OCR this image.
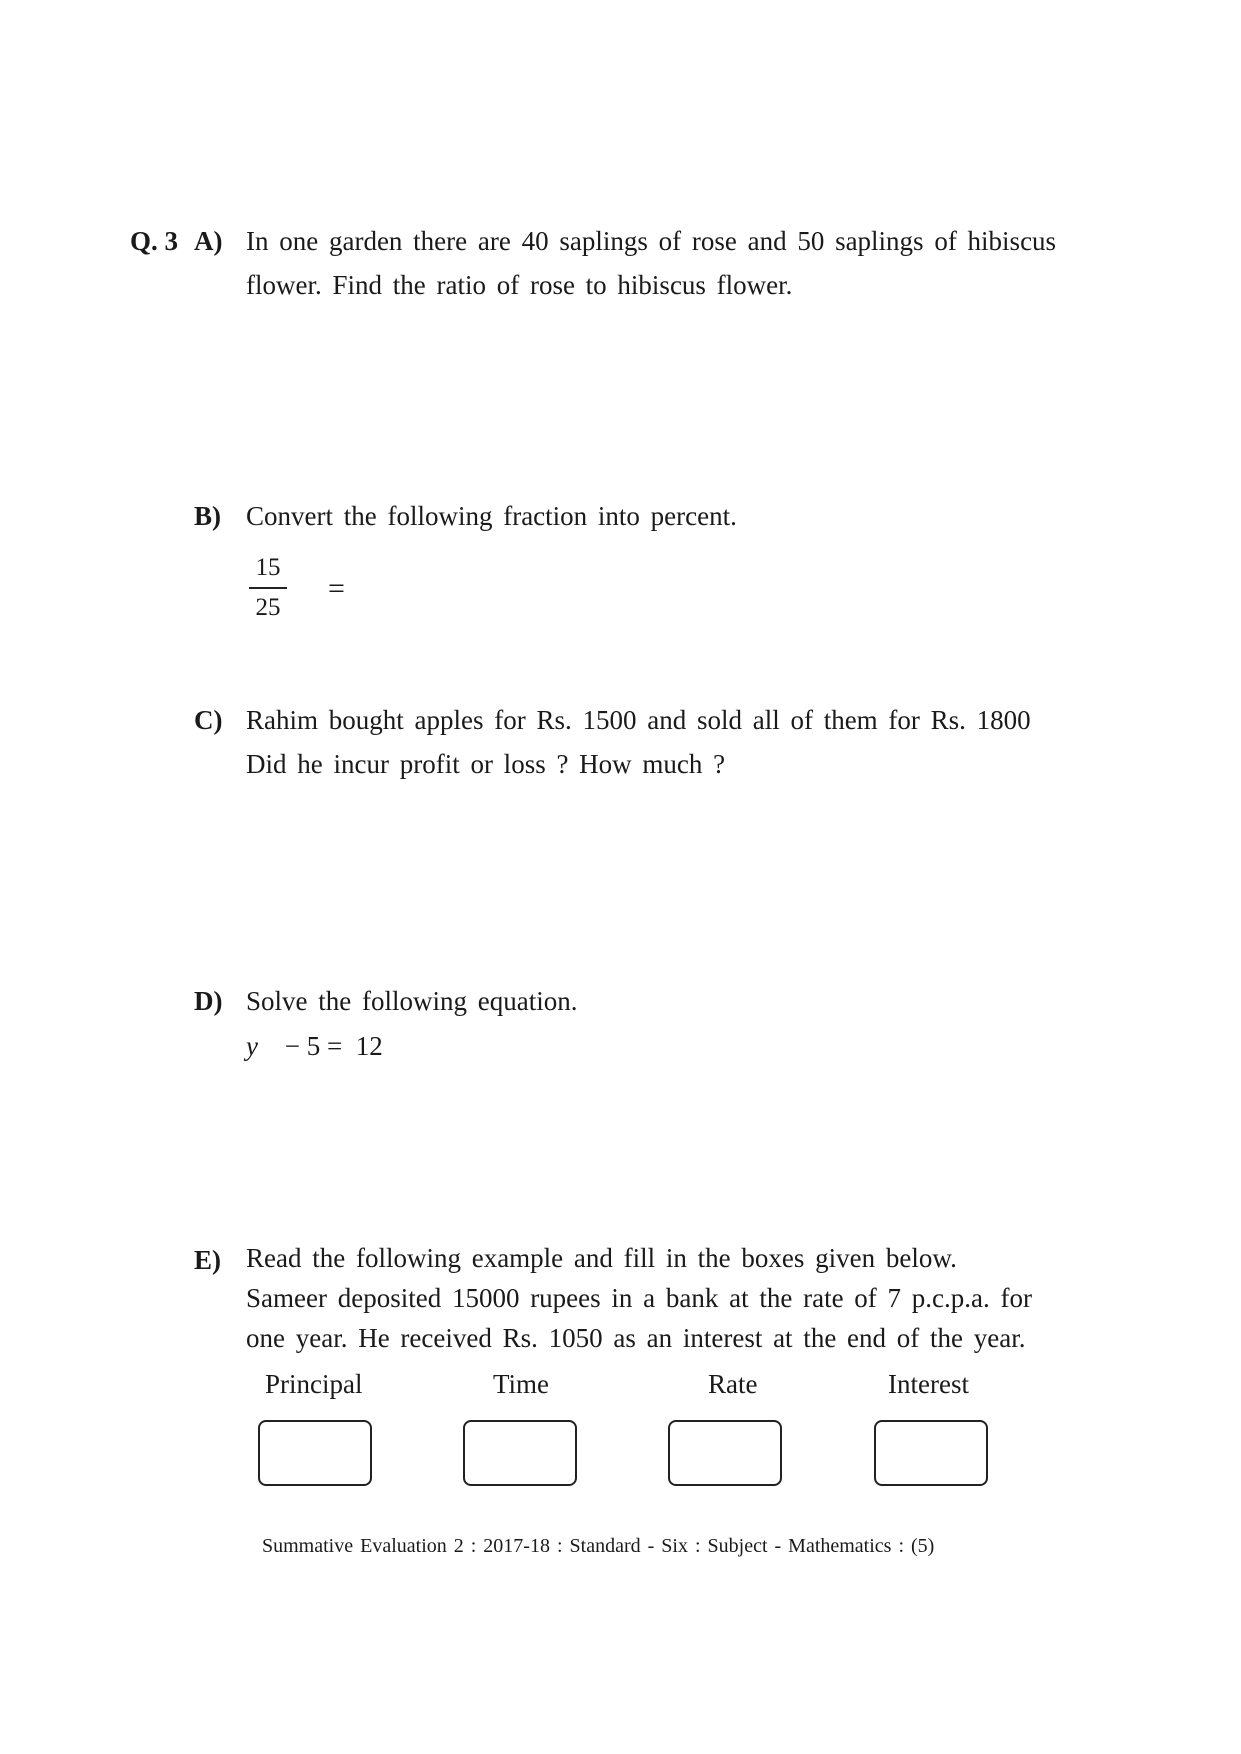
Q. 3 A) In one garden there are 40 saplings of rose and 50 saplings of hibiscus
flower. Find the ratio of rose to hibiscus flower.
B) Convert the following fraction into percent.
15
25
=
C) Rahim bought apples for Rs. 1500 and sold all of them for Rs. 1800
Did he incur profit or loss ? How much ?
D) Solve the following equation.
y − 5 =  12
E) Read the following example and fill in the boxes given below.
Sameer deposited 15000 rupees in a bank at the rate of 7 p.c.p.a. for
one year. He received Rs. 1050 as an interest at the end of the year.
Principal	Time	Rate	Interest
Summative Evaluation 2 : 2017-18 : Standard - Six : Subject - Mathematics : (5)
